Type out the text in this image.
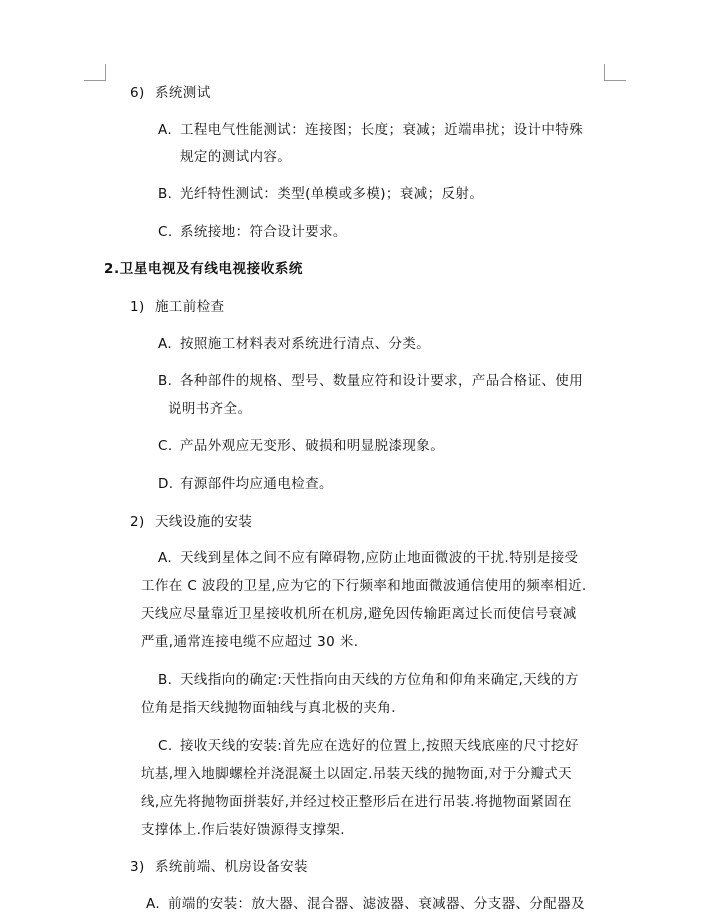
6) 系统测试
A. 工程电气性能测试：连接图；长度；衰减；近端串扰；设计中特殊
规定的测试内容。
B. 光纤特性测试：类型(单模或多模)；衰减；反射。
C. 系统接地：符合设计要求。
2.卫星电视及有线电视接收系统
1) 施工前检查
A. 按照施工材料表对系统进行清点、分类。
B. 各种部件的规格、型号、数量应符和设计要求，产品合格证、使用
说明书齐全。
C. 产品外观应无变形、破损和明显脱漆现象。
D. 有源部件均应通电检查。
2) 天线设施的安装
A. 天线到星体之间不应有障碍物,应防止地面微波的干扰.特别是接受
工作在 C 波段的卫星,应为它的下行频率和地面微波通信使用的频率相近.
天线应尽量靠近卫星接收机所在机房,避免因传输距离过长而使信号衰减
严重,通常连接电缆不应超过 30 米.
B. 天线指向的确定:天性指向由天线的方位角和仰角来确定,天线的方
位角是指天线抛物面轴线与真北极的夹角.
C. 接收天线的安装:首先应在选好的位置上,按照天线底座的尺寸挖好
坑基,埋入地脚螺栓并浇混凝土以固定.吊装天线的抛物面,对于分瓣式天
线,应先将抛物面拼装好,并经过校正整形后在进行吊装.将抛物面紧固在
支撑体上.作后装好馈源得支撑架.
3) 系统前端、机房设备安装
A. 前端的安装：放大器、混合器、滤波器、衰减器、分支器、分配器及
